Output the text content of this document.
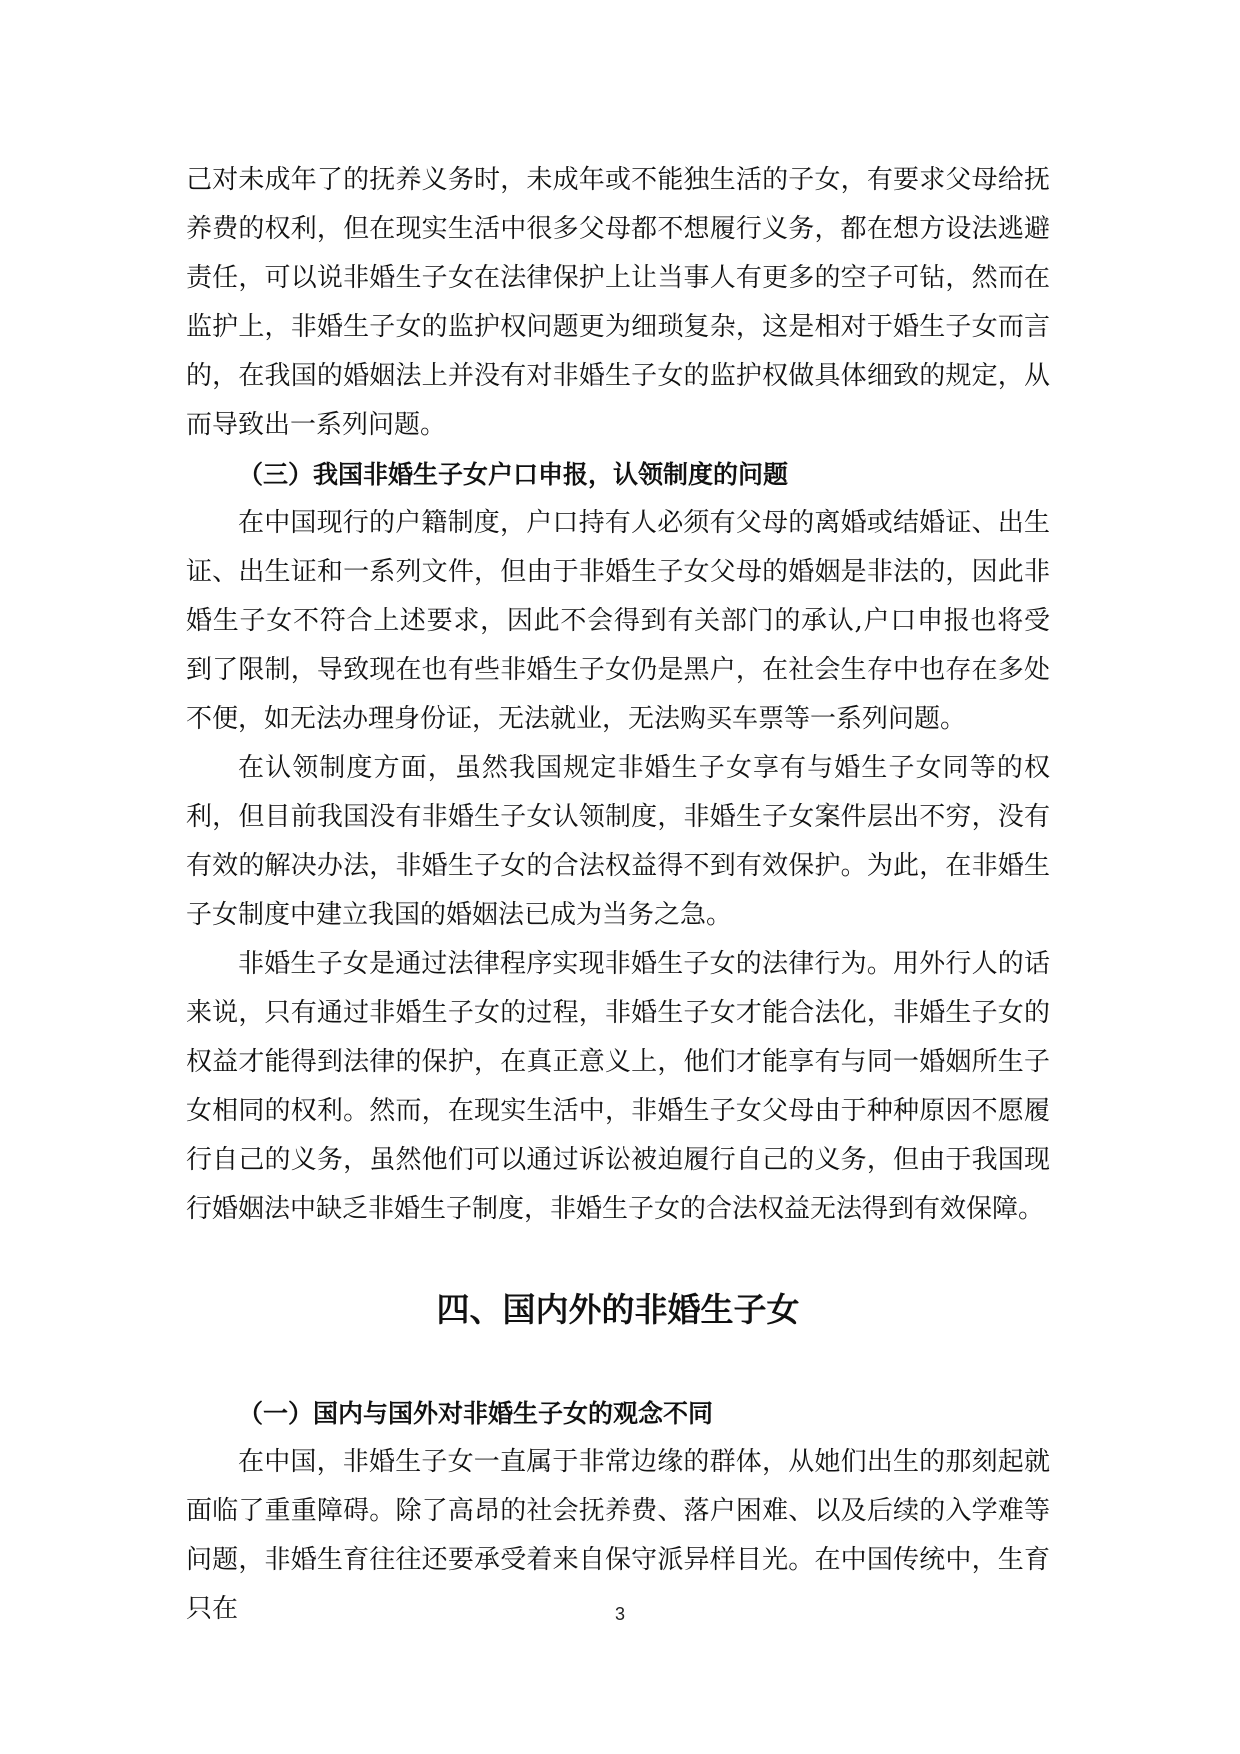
己对未成年了的抚养义务时，未成年或不能独生活的子女，有要求父母给抚养费的权利，但在现实生活中很多父母都不想履行义务，都在想方设法逃避责任，可以说非婚生子女在法律保护上让当事人有更多的空子可钻，然而在监护上，非婚生子女的监护权问题更为细琐复杂，这是相对于婚生子女而言的，在我国的婚姻法上并没有对非婚生子女的监护权做具体细致的规定，从而导致出一系列问题。

（三）我国非婚生子女户口申报，认领制度的问题

在中国现行的户籍制度，户口持有人必须有父母的离婚或结婚证、出生证、出生证和一系列文件，但由于非婚生子女父母的婚姻是非法的，因此非婚生子女不符合上述要求，因此不会得到有关部门的承认,户口申报也将受到了限制，导致现在也有些非婚生子女仍是黑户，在社会生存中也存在多处不便，如无法办理身份证，无法就业，无法购买车票等一系列问题。

在认领制度方面，虽然我国规定非婚生子女享有与婚生子女同等的权利，但目前我国没有非婚生子女认领制度，非婚生子女案件层出不穷，没有有效的解决办法，非婚生子女的合法权益得不到有效保护。为此，在非婚生子女制度中建立我国的婚姻法已成为当务之急。

非婚生子女是通过法律程序实现非婚生子女的法律行为。用外行人的话来说，只有通过非婚生子女的过程，非婚生子女才能合法化，非婚生子女的权益才能得到法律的保护，在真正意义上，他们才能享有与同一婚姻所生子女相同的权利。然而，在现实生活中，非婚生子女父母由于种种原因不愿履行自己的义务，虽然他们可以通过诉讼被迫履行自己的义务，但由于我国现行婚姻法中缺乏非婚生子制度，非婚生子女的合法权益无法得到有效保障。

四、国内外的非婚生子女
（一）国内与国外对非婚生子女的观念不同

在中国，非婚生子女一直属于非常边缘的群体，从她们出生的那刻起就面临了重重障碍。除了高昂的社会抚养费、落户困难、以及后续的入学难等问题，非婚生育往往还要承受着来自保守派异样目光。在中国传统中，生育只在	3
